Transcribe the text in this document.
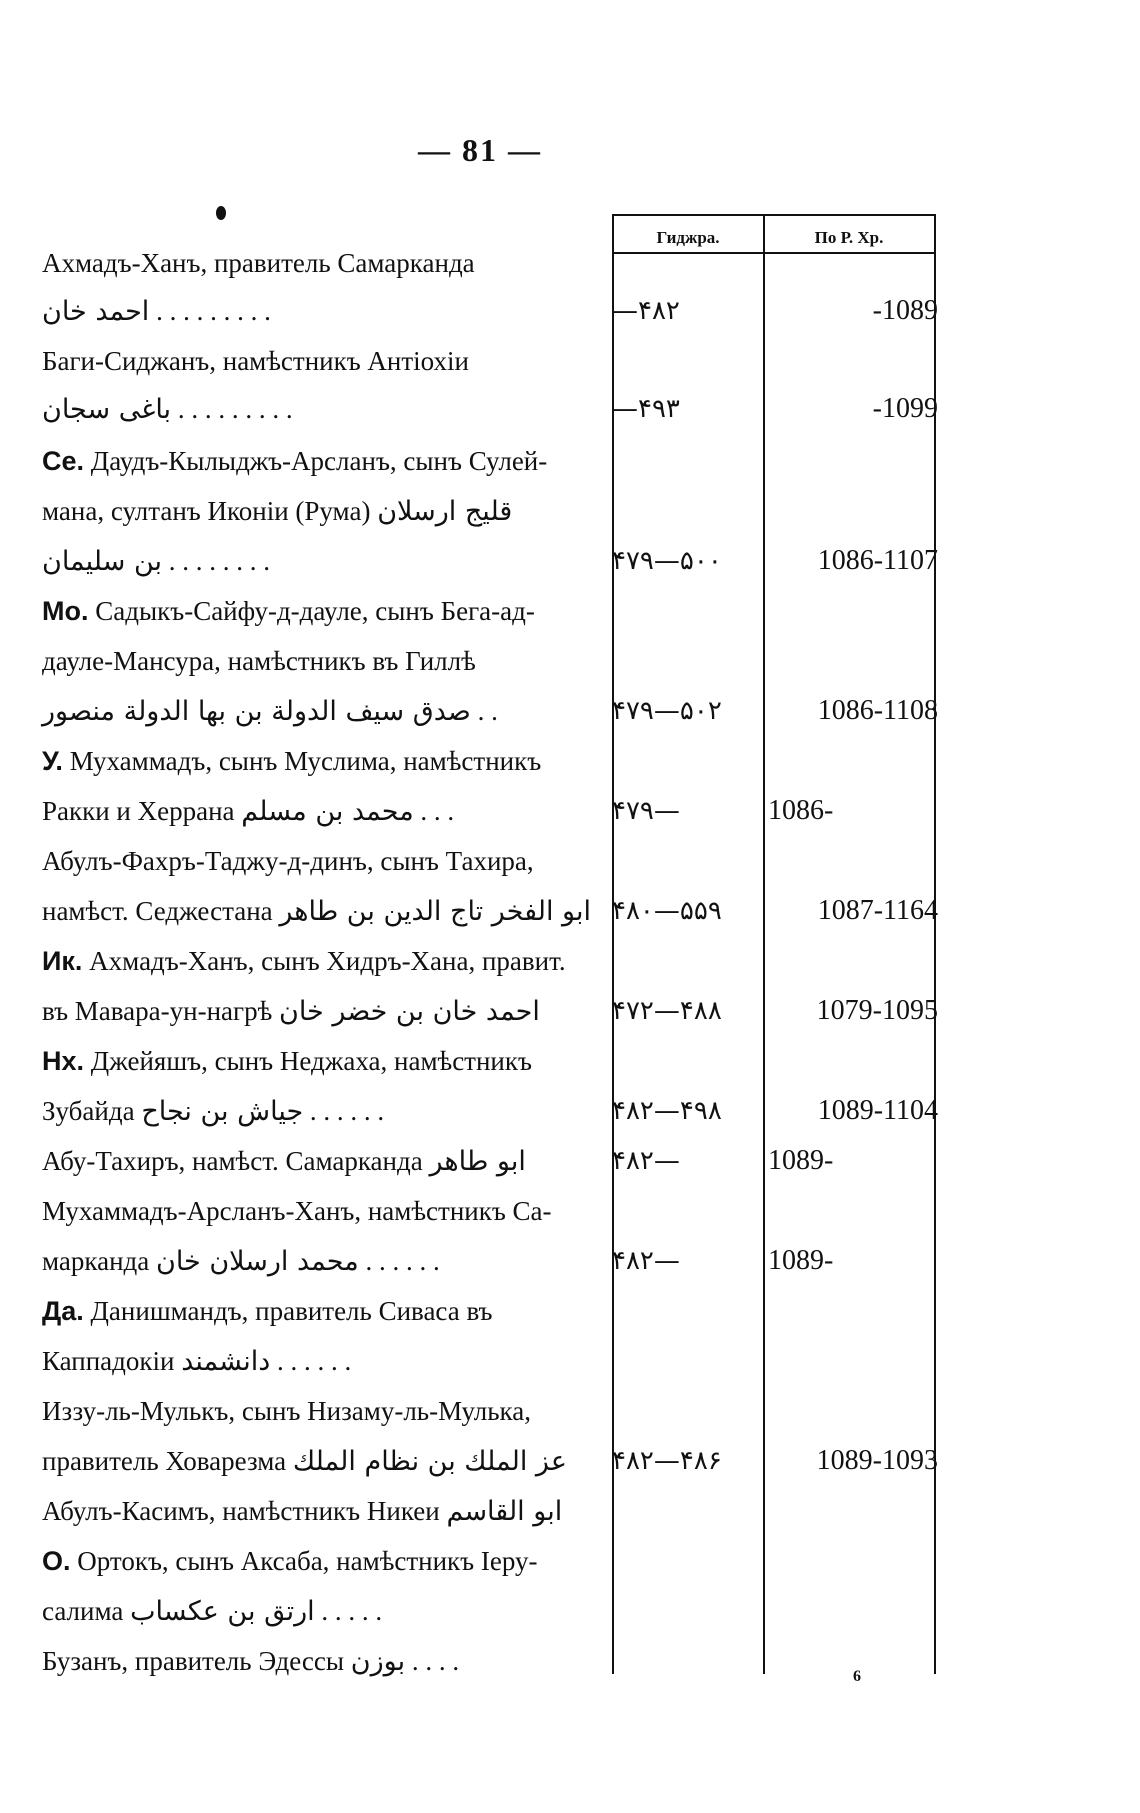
— 81 —
Гиджра.	По Р. Хр.
Ахмадъ-Ханъ, правитель Самарканда
احمد خان . . . . . . . . .	—۴۸۲	-1089
Баги-Сиджанъ, намѣстникъ Антіохіи
باغی سجان . . . . . . . . .	—۴۹۳	-1099
Се. Даудъ-Кылыджъ-Арсланъ, сынъ Сулей-
мана, султанъ Иконіи (Рума) قلیج ارسلان
بن سلیمان . . . . . . . .	۴۷۹—۵۰۰	1086-1107
Мо. Садыкъ-Сайфу-д-дауле, сынъ Бега-ад-
дауле-Мансура, намѣстникъ въ Гиллѣ
صدق سیف الدولة بن بها الدولة منصور . .	۴۷۹—۵۰۲	1086-1108
У. Мухаммадъ, сынъ Муслима, намѣстникъ
Ракки и Херрана محمد بن مسلم . . .	۴۷۹—	1086-
Абулъ-Фахръ-Таджу-д-динъ, сынъ Тахира,
намѣст. Седжестана ابو الفخر تاج الدین بن طاهر ۴۸۰—۵۵۹	1087-1164
Ик. Ахмадъ-Ханъ, сынъ Хидръ-Хана, правит.
въ Мавара-ун-нагрѣ احمد خان بن خضر خان	۴۷۲—۴۸۸	1079-1095
Нх. Джейяшъ, сынъ Неджаха, намѣстникъ
Зубайда جیاش بن نجاح . . . . . .	۴۸۲—۴۹۸	1089-1104
Абу-Тахиръ, намѣст. Самарканда ابو طاهر	۴۸۲—	1089-
Мухаммадъ-Арсланъ-Ханъ, намѣстникъ Са-
марканда محمد ارسلان خان . . . . . .	۴۸۲—	1089-
Да. Данишмандъ, правитель Сиваса въ
Каппадокіи دانشمند . . . . . .
Иззу-ль-Мулькъ, сынъ Низаму-ль-Мулька,
правитель Ховарезма عز الملك بن نظام الملك ۴۸۲—۴۸۶	1089-1093
Абулъ-Касимъ, намѣстникъ Никеи ابو القاسم
О. Ортокъ, сынъ Аксаба, намѣстникъ Іеру-
салима ارتق بن عکساب . . . . .
Бузанъ, правитель Эдессы بوزن . . . .
6
